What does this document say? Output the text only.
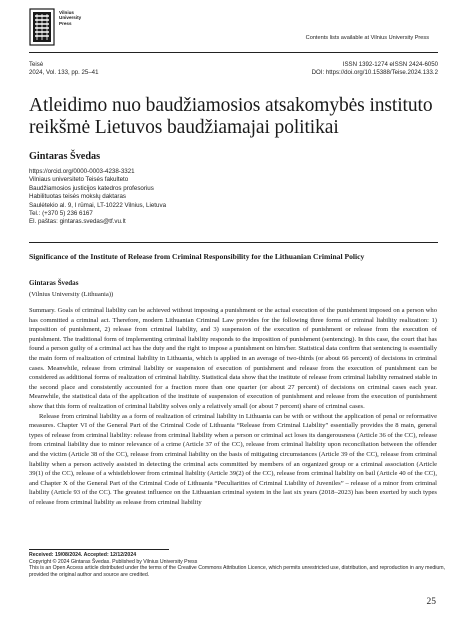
Vilnius
University
Press
Contents lists available at Vilnius University Press
Teisė
2024, Vol. 133, pp. 25–41
ISSN 1392-1274 eISSN 2424-6050
DOI: https://doi.org/10.15388/Teise.2024.133.2
Atleidimo nuo baudžiamosios atsakomybės instituto reikšmė Lietuvos baudžiamajai politikai
Gintaras Švedas
https://orcid.org/0000-0003-4238-3321
Vilniaus universiteto Teisės fakulteto
Baudžiamosios justicijos katedros profesorius
Habilituotas teisės mokslų daktaras
Saulėtekio al. 9, I rūmai, LT-10222 Vilnius, Lietuva
Tel.: (+370 5) 236 6167
El. paštas: gintaras.svedas@tf.vu.lt
Significance of the Institute of Release from Criminal Responsibility for the Lithuanian Criminal Policy
Gintaras Švedas
(Vilnius University (Lithuania))

Summary. Goals of criminal liability can be achieved without imposing a punishment or the actual execution of the punishment imposed on a person who has committed a criminal act. Therefore, modern Lithuanian Criminal Law provides for the following three forms of criminal liability realization: 1) imposition of punishment, 2) release from criminal liability, and 3) suspension of the execution of punishment or release from the execution of punishment. The traditional form of implementing criminal liability responds to the imposition of punishment (sentencing). In this case, the court that has found a person guilty of a criminal act has the duty and the right to impose a punishment on him/her. Statistical data confirm that sentencing is essentially the main form of realization of criminal liability in Lithuania, which is applied in an average of two-thirds (or about 66 percent) of decisions in criminal cases. Meanwhile, release from criminal liability or suspension of execution of punishment and release from the execution of punishment can be considered as additional forms of realization of criminal liability. Statistical data show that the institute of release from criminal liability remained stable in the second place and consistently accounted for a fraction more than one quarter (or about 27 percent) of decisions on criminal cases each year. Meanwhile, the statistical data of the application of the institute of suspension of execution of punishment and release from the execution of punishment show that this form of realization of criminal liability solves only a relatively small (or about 7 percent) share of criminal cases.

Release from criminal liability as a form of realization of criminal liability in Lithuania can be with or without the application of penal or reformative measures. Chapter VI of the General Part of the Criminal Code of Lithuania “Release from Criminal Liability” essentially provides the 8 main, general types of release from criminal liability: release from criminal liability when a person or criminal act loses its dangerousness (Article 36 of the CC), release from criminal liability due to minor relevance of a crime (Article 37 of the CC), release from criminal liability upon reconciliation between the offender and the victim (Article 38 of the CC), release from criminal liability on the basis of mitigating circumstances (Article 39 of the CC), release from criminal liability when a person actively assisted in detecting the criminal acts committed by members of an organized group or a criminal association (Article 39(1) of the CC), release of a whistleblower from criminal liability (Article 39(2) of the CC), release from criminal liability on bail (Article 40 of the CC), and Chapter X of the General Part of the Criminal Code of Lithuania “Peculiarities of Criminal Liability of Juveniles” – release of a minor from criminal liability (Article 93 of the CC). The greatest influence on the Lithuanian criminal system in the last six years (2018–2023) has been exerted by such types of release from criminal liability as release from criminal liability

Received: 19/08/2024. Accepted: 12/12/2024
Copyright © 2024 Gintaras Švedas. Published by Vilnius University Press
This is an Open Access article distributed under the terms of the Creative Commons Attribution Licence, which permits unrestricted use, distribution, and reproduction in any medium, provided the original author and source are credited.
25
